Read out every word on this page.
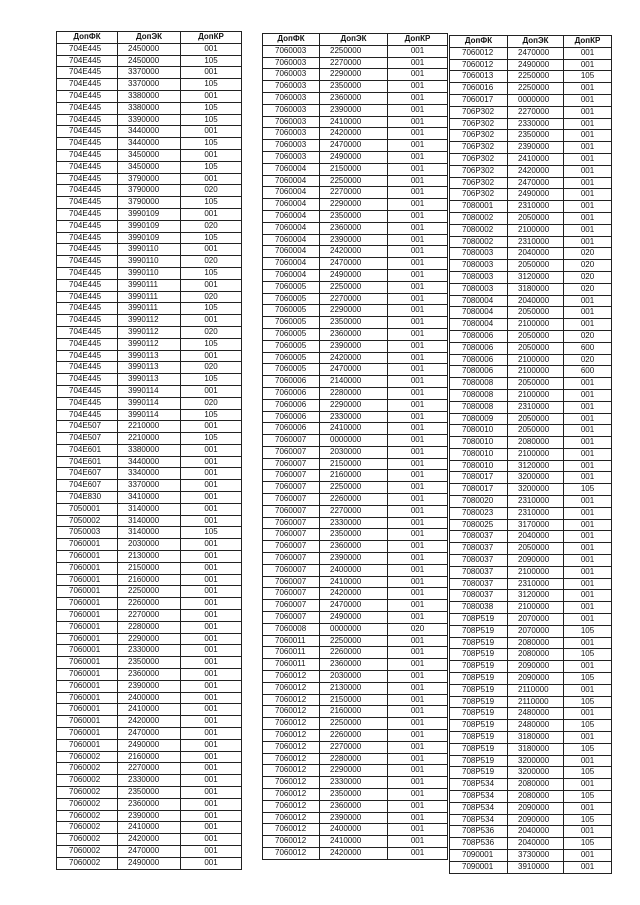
ДопФК	ДопЭК	ДопКР
704E445	2450000	001
704E445	2450000	105
704E445	3370000	001
704E445	3370000	105
704E445	3380000	001
704E445	3380000	105
704E445	3390000	105
704E445	3440000	001
704E445	3440000	105
704E445	3450000	001
704E445	3450000	105
704E445	3790000	001
704E445	3790000	020
704E445	3790000	105
704E445	3990109	001
704E445	3990109	020
704E445	3990109	105
704E445	3990110	001
704E445	3990110	020
704E445	3990110	105
704E445	3990111	001
704E445	3990111	020
704E445	3990111	105
704E445	3990112	001
704E445	3990112	020
704E445	3990112	105
704E445	3990113	001
704E445	3990113	020
704E445	3990113	105
704E445	3990114	001
704E445	3990114	020
704E445	3990114	105
704E507	2210000	001
704E507	2210000	105
704E601	3380000	001
704E601	3440000	001
704E607	3340000	001
704E607	3370000	001
704E830	3410000	001
7050001	3140000	001
7050002	3140000	001
7050003	3140000	105
7060001	2030000	001
7060001	2130000	001
7060001	2150000	001
7060001	2160000	001
7060001	2250000	001
7060001	2260000	001
7060001	2270000	001
7060001	2280000	001
7060001	2290000	001
7060001	2330000	001
7060001	2350000	001
7060001	2360000	001
7060001	2390000	001
7060001	2400000	001
7060001	2410000	001
7060001	2420000	001
7060001	2470000	001
7060001	2490000	001
7060002	2160000	001
7060002	2270000	001
7060002	2330000	001
7060002	2350000	001
7060002	2360000	001
7060002	2390000	001
7060002	2410000	001
7060002	2420000	001
7060002	2470000	001
7060002	2490000	001
ДопФК	ДопЭК	ДопКР
7060003	2250000	001
7060003	2270000	001
7060003	2290000	001
7060003	2350000	001
7060003	2360000	001
7060003	2390000	001
7060003	2410000	001
7060003	2420000	001
7060003	2470000	001
7060003	2490000	001
7060004	2150000	001
7060004	2250000	001
7060004	2270000	001
7060004	2290000	001
7060004	2350000	001
7060004	2360000	001
7060004	2390000	001
7060004	2420000	001
7060004	2470000	001
7060004	2490000	001
7060005	2250000	001
7060005	2270000	001
7060005	2290000	001
7060005	2350000	001
7060005	2360000	001
7060005	2390000	001
7060005	2420000	001
7060005	2470000	001
7060006	2140000	001
7060006	2280000	001
7060006	2290000	001
7060006	2330000	001
7060006	2410000	001
7060007	0000000	001
7060007	2030000	001
7060007	2150000	001
7060007	2160000	001
7060007	2250000	001
7060007	2260000	001
7060007	2270000	001
7060007	2330000	001
7060007	2350000	001
7060007	2360000	001
7060007	2390000	001
7060007	2400000	001
7060007	2410000	001
7060007	2420000	001
7060007	2470000	001
7060007	2490000	001
7060008	0000000	020
7060011	2250000	001
7060011	2260000	001
7060011	2360000	001
7060012	2030000	001
7060012	2130000	001
7060012	2150000	001
7060012	2160000	001
7060012	2250000	001
7060012	2260000	001
7060012	2270000	001
7060012	2280000	001
7060012	2290000	001
7060012	2330000	001
7060012	2350000	001
7060012	2360000	001
7060012	2390000	001
7060012	2400000	001
7060012	2410000	001
7060012	2420000	001
ДопФК	ДопЭК	ДопКР
7060012	2470000	001
7060012	2490000	001
7060013	2250000	105
7060016	2250000	001
7060017	0000000	001
706P302	2270000	001
706P302	2330000	001
706P302	2350000	001
706P302	2390000	001
706P302	2410000	001
706P302	2420000	001
706P302	2470000	001
706P302	2490000	001
7080001	2310000	001
7080002	2050000	001
7080002	2100000	001
7080002	2310000	001
7080003	2040000	020
7080003	2050000	020
7080003	3120000	020
7080003	3180000	020
7080004	2040000	001
7080004	2050000	001
7080004	2100000	001
7080006	2050000	020
7080006	2050000	600
7080006	2100000	020
7080006	2100000	600
7080008	2050000	001
7080008	2100000	001
7080008	2310000	001
7080009	2050000	001
7080010	2050000	001
7080010	2080000	001
7080010	2100000	001
7080010	3120000	001
7080017	3200000	001
7080017	3200000	105
7080020	2310000	001
7080023	2310000	001
7080025	3170000	001
7080037	2040000	001
7080037	2050000	001
7080037	2090000	001
7080037	2100000	001
7080037	2310000	001
7080037	3120000	001
7080038	2100000	001
708P519	2070000	001
708P519	2070000	105
708P519	2080000	001
708P519	2080000	105
708P519	2090000	001
708P519	2090000	105
708P519	2110000	001
708P519	2110000	105
708P519	2480000	001
708P519	2480000	105
708P519	3180000	001
708P519	3180000	105
708P519	3200000	001
708P519	3200000	105
708P534	2080000	001
708P534	2080000	105
708P534	2090000	001
708P534	2090000	105
708P536	2040000	001
708P536	2040000	105
7090001	3730000	001
7090001	3910000	001
